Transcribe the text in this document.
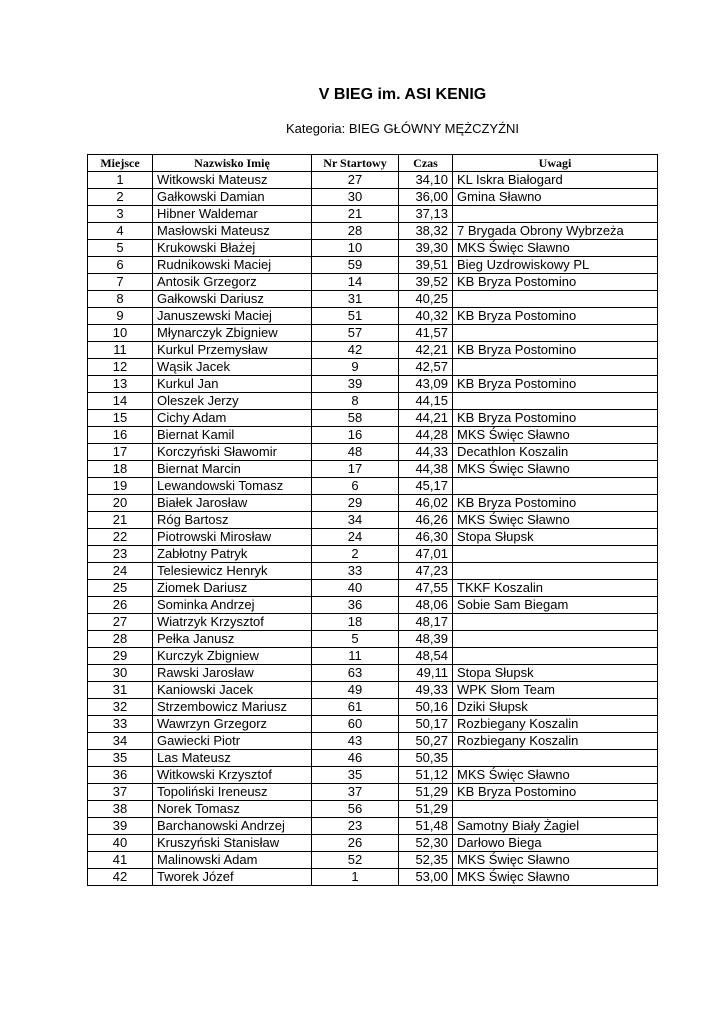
V BIEG im. ASI KENIG
Kategoria: BIEG GŁÓWNY MĘŻCZYŹNI
Miejsce	Nazwisko Imię	Nr Startowy	Czas	Uwagi
1	Witkowski Mateusz	27	34,10	KL Iskra Białogard
2	Gałkowski Damian	30	36,00	Gmina Sławno
3	Hibner Waldemar	21	37,13	
4	Masłowski Mateusz	28	38,32	7 Brygada Obrony Wybrzeża
5	Krukowski Błażej	10	39,30	MKS Święc Sławno
6	Rudnikowski Maciej	59	39,51	Bieg Uzdrowiskowy PL
7	Antosik Grzegorz	14	39,52	KB Bryza Postomino
8	Gałkowski Dariusz	31	40,25	
9	Januszewski Maciej	51	40,32	KB Bryza Postomino
10	Młynarczyk Zbigniew	57	41,57	
11	Kurkul Przemysław	42	42,21	KB Bryza Postomino
12	Wąsik Jacek	9	42,57	
13	Kurkul Jan	39	43,09	KB Bryza Postomino
14	Oleszek Jerzy	8	44,15	
15	Cichy Adam	58	44,21	KB Bryza Postomino
16	Biernat Kamil	16	44,28	MKS Święc Sławno
17	Korczyński Sławomir	48	44,33	Decathlon Koszalin
18	Biernat Marcin	17	44,38	MKS Święc Sławno
19	Lewandowski Tomasz	6	45,17	
20	Białek Jarosław	29	46,02	KB Bryza Postomino
21	Róg Bartosz	34	46,26	MKS Święc Sławno
22	Piotrowski Mirosław	24	46,30	Stopa Słupsk
23	Zabłotny Patryk	2	47,01	
24	Telesiewicz Henryk	33	47,23	
25	Ziomek Dariusz	40	47,55	TKKF Koszalin
26	Sominka Andrzej	36	48,06	Sobie Sam Biegam
27	Wiatrzyk Krzysztof	18	48,17	
28	Pełka Janusz	5	48,39	
29	Kurczyk Zbigniew	11	48,54	
30	Rawski Jarosław	63	49,11	Stopa Słupsk
31	Kaniowski Jacek	49	49,33	WPK Słom Team
32	Strzembowicz Mariusz	61	50,16	Dziki Słupsk
33	Wawrzyn Grzegorz	60	50,17	Rozbiegany Koszalin
34	Gawiecki Piotr	43	50,27	Rozbiegany Koszalin
35	Las Mateusz	46	50,35	
36	Witkowski Krzysztof	35	51,12	MKS Święc Sławno
37	Topoliński Ireneusz	37	51,29	KB Bryza Postomino
38	Norek Tomasz	56	51,29	
39	Barchanowski Andrzej	23	51,48	Samotny Biały Żagiel
40	Kruszyński Stanisław	26	52,30	Darłowo Biega
41	Malinowski Adam	52	52,35	MKS Święc Sławno
42	Tworek Józef	1	53,00	MKS Święc Sławno
